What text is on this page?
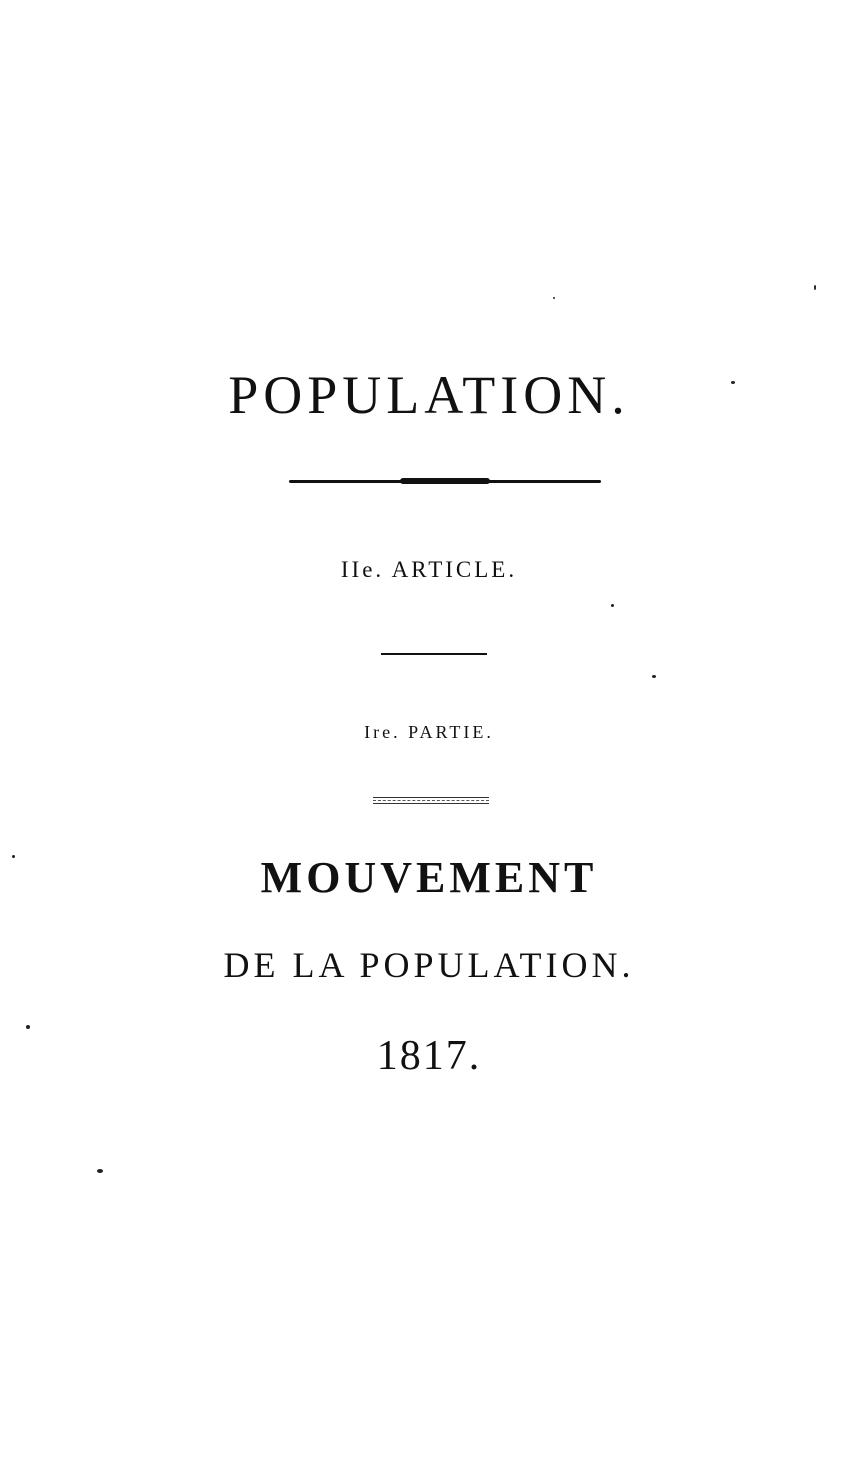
POPULATION.
IIe. ARTICLE.
Ire. PARTIE.
MOUVEMENT
DE LA POPULATION.
1817.
